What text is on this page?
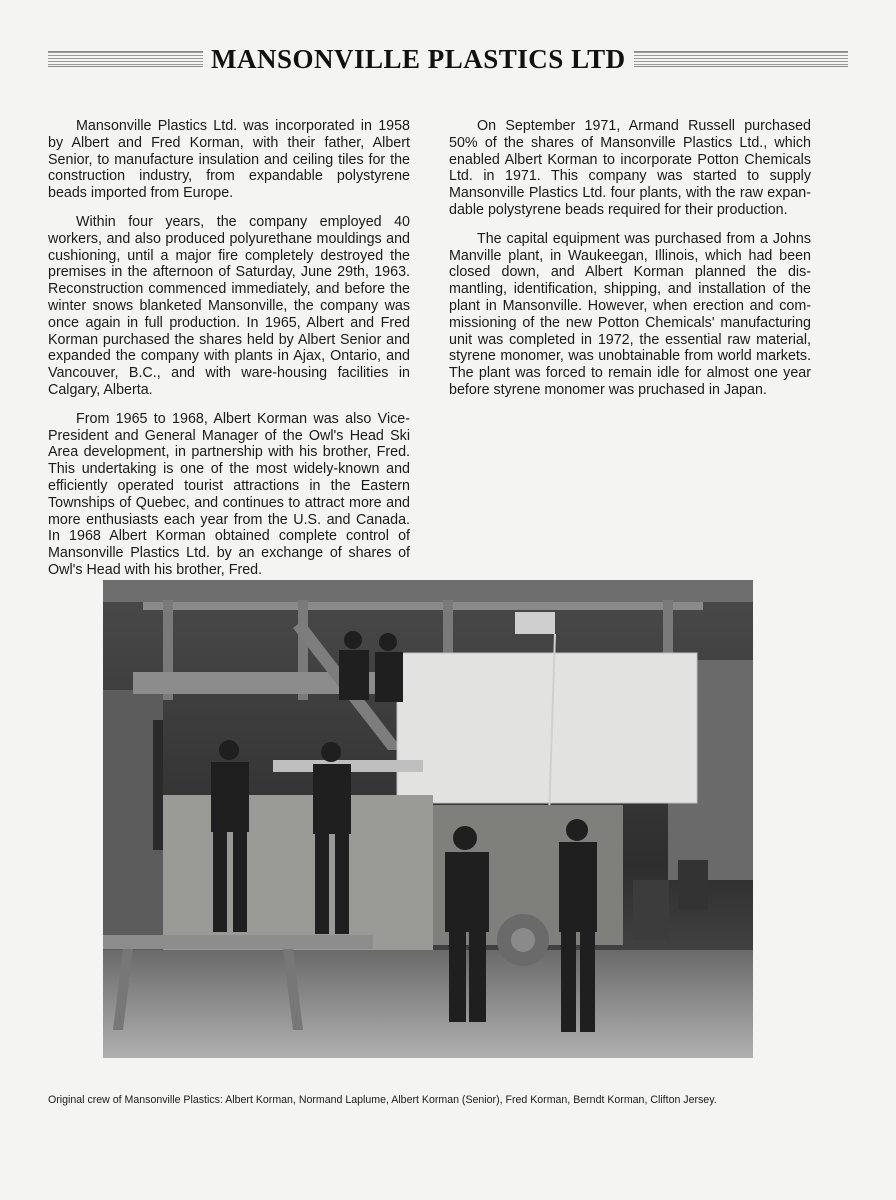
MANSONVILLE PLASTICS LTD

Mansonville Plastics Ltd. was incorporated in 1958 by Albert and Fred Korman, with their father, Albert Senior, to manufacture insulation and ceiling tiles for the construction industry, from expandable polystyrene beads imported from Europe.

Within four years, the company employed 40 workers, and also produced polyurethane mouldings and cushioning, until a major fire completely destroyed the premises in the afternoon of Saturday, June 29th, 1963. Reconstruction commenced immediately, and before the winter snows blanketed Mansonville, the company was once again in full production. In 1965, Albert and Fred Korman purchased the shares held by Albert Senior and expanded the company with plants in Ajax, Ontario, and Vancouver, B.C., and with ware-housing facilities in Calgary, Alberta.

From 1965 to 1968, Albert Korman was also Vice-President and General Manager of the Owl's Head Ski Area development, in partnership with his brother, Fred. This undertaking is one of the most widely-known and efficiently operated tourist attractions in the Eastern Townships of Quebec, and continues to attract more and more enthusiasts each year from the U.S. and Canada. In 1968 Albert Korman obtained complete control of Mansonville Plastics Ltd. by an exchange of shares of Owl's Head with his brother, Fred.

On September 1971, Armand Russell purchased 50% of the shares of Mansonville Plastics Ltd., which enabled Albert Korman to incorporate Potton Chemicals Ltd. in 1971. This company was started to supply Mansonville Plastics Ltd. four plants, with the raw expan-dable polystyrene beads required for their production.

The capital equipment was purchased from a Johns Manville plant, in Waukeegan, Illinois, which had been closed down, and Albert Korman planned the dis-mantling, identification, shipping, and installation of the plant in Mansonville. However, when erection and com-missioning of the new Potton Chemicals' manufacturing unit was completed in 1972, the essential raw material, styrene monomer, was unobtainable from world markets. The plant was forced to remain idle for almost one year before styrene monomer was pruchased in Japan.

Original crew of Mansonville Plastics: Albert Korman, Normand Laplume, Albert Korman (Senior), Fred Korman, Berndt Korman, Clifton Jersey.
